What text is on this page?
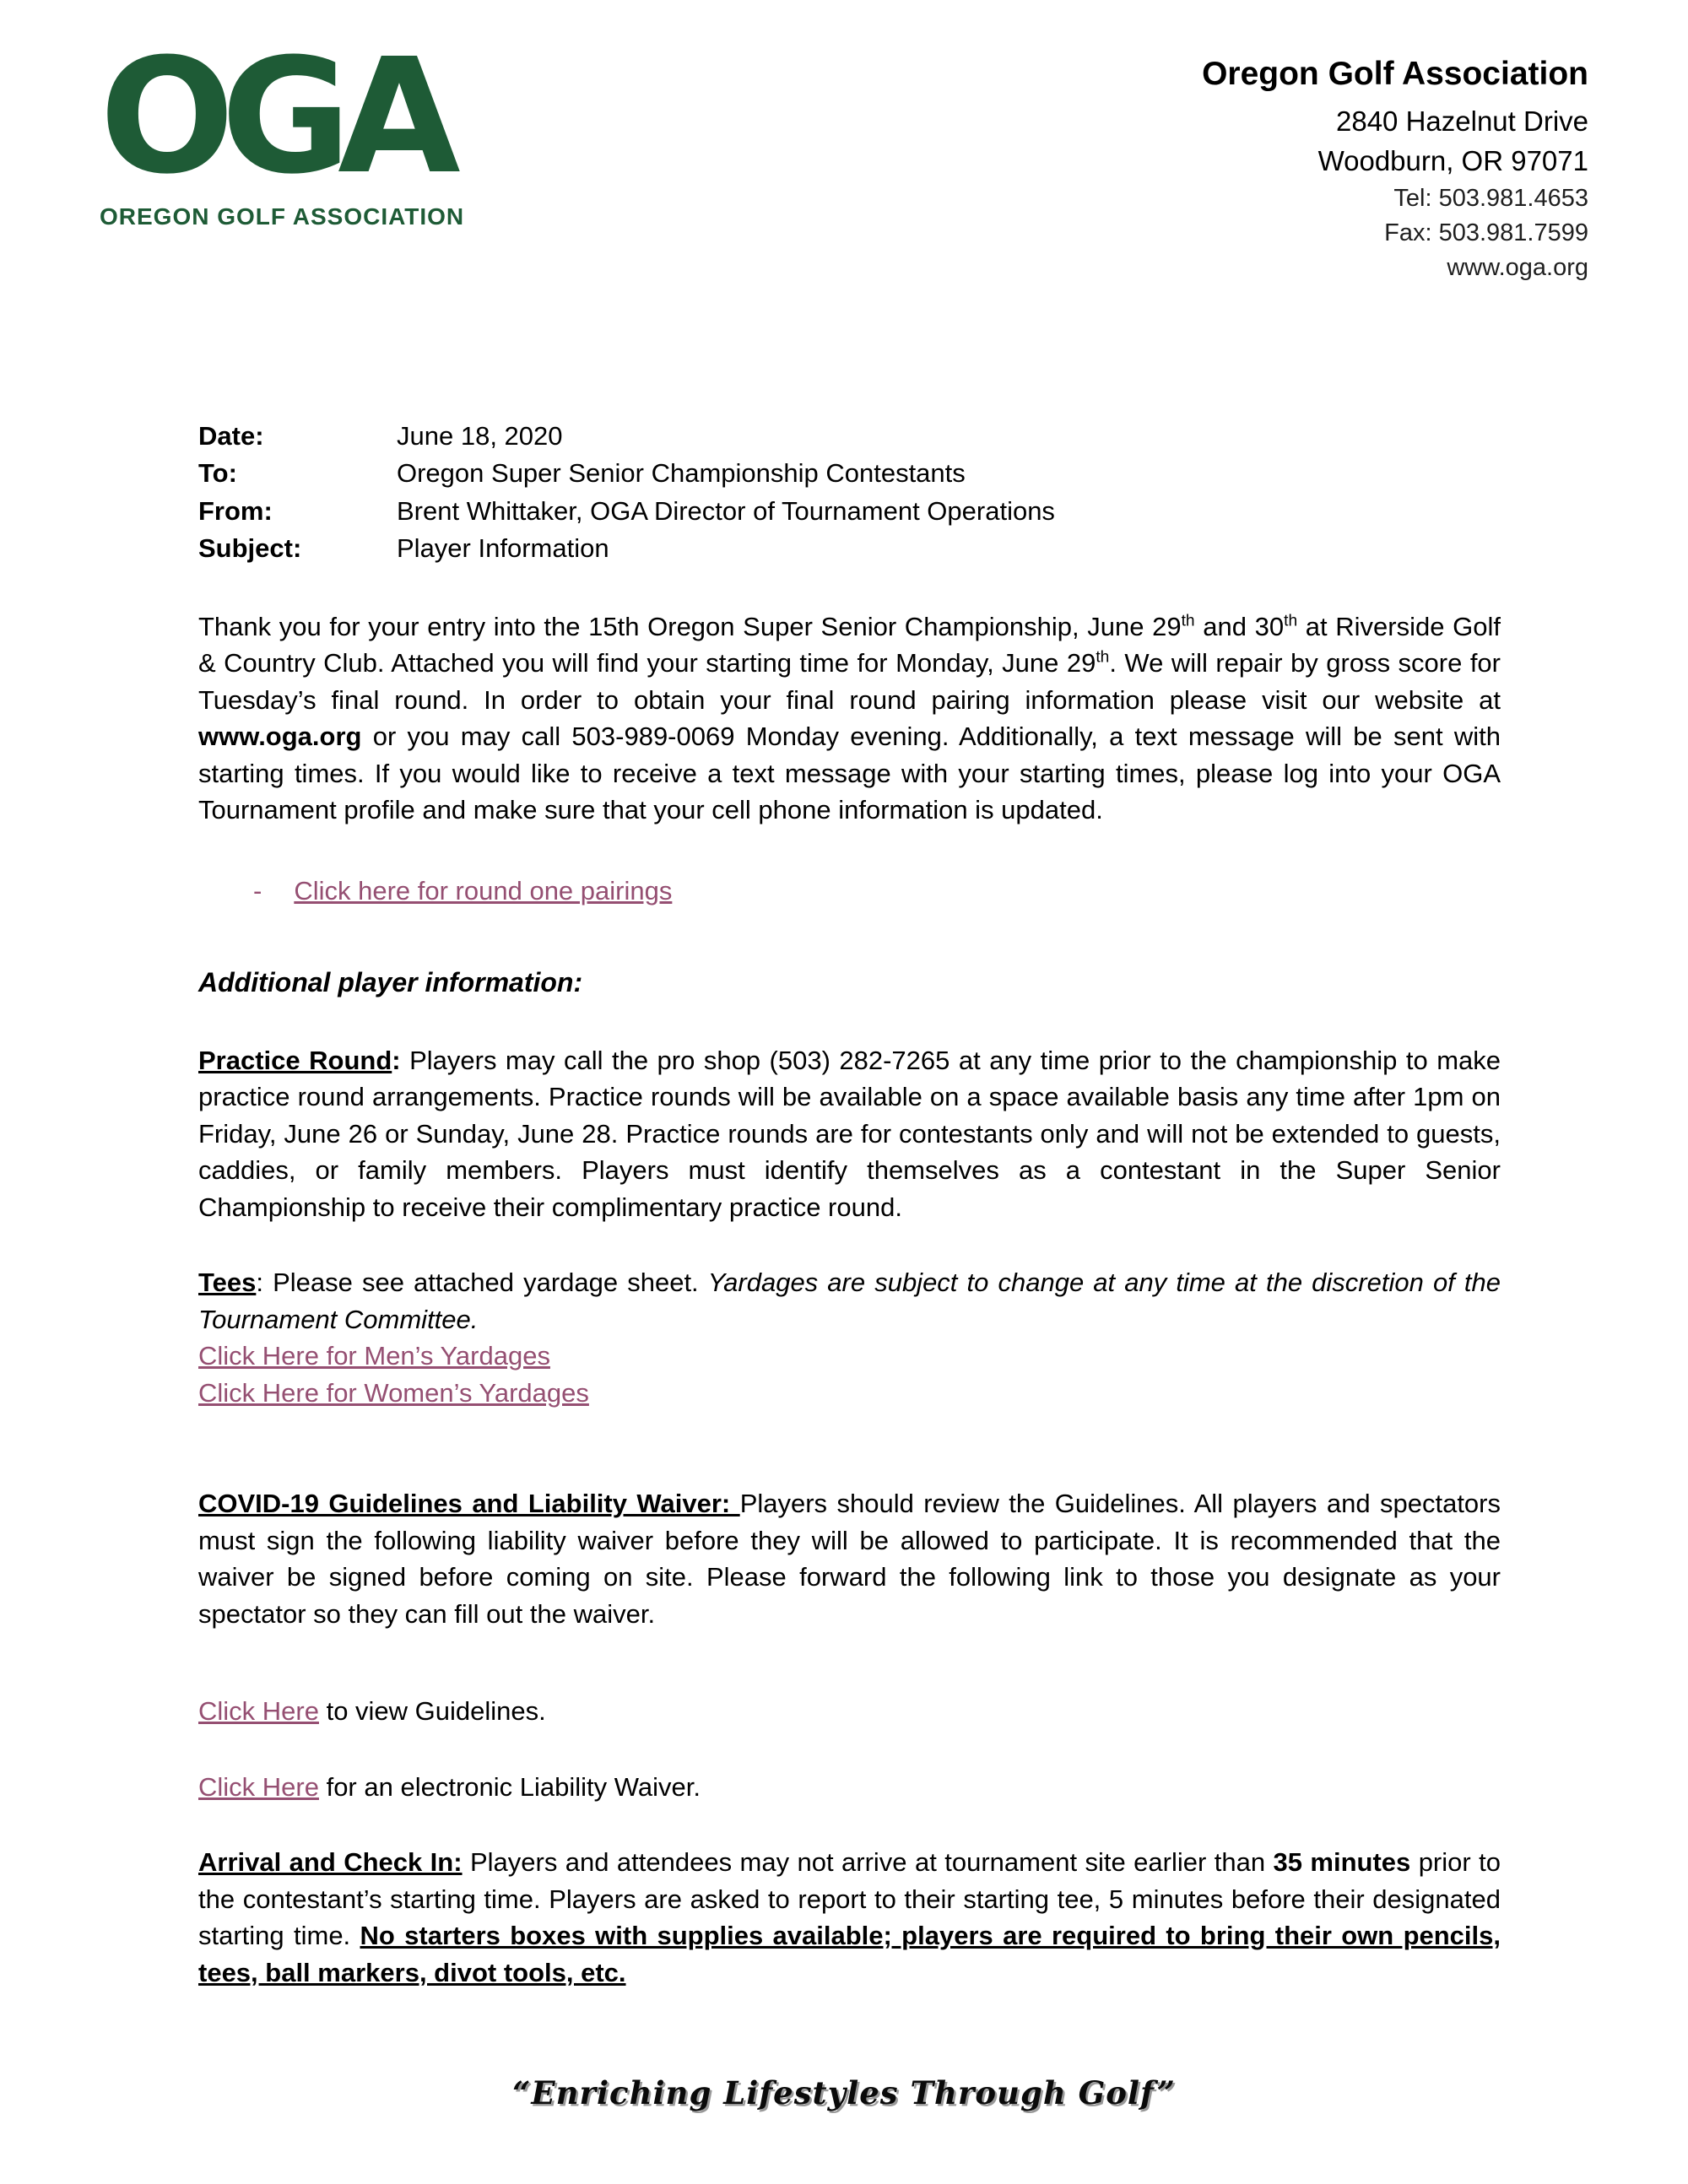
OGA
OREGON GOLF ASSOCIATION
Oregon Golf Association
2840 Hazelnut Drive
Woodburn, OR 97071
Tel: 503.981.4653
Fax: 503.981.7599
www.oga.org
Date:	June 18, 2020
To:	Oregon Super Senior Championship Contestants
From:	Brent Whittaker, OGA Director of Tournament Operations
Subject:	Player Information
Thank you for your entry into the 15th Oregon Super Senior Championship, June 29th and 30th at Riverside Golf & Country Club. Attached you will find your starting time for Monday, June 29th. We will repair by gross score for Tuesday’s final round. In order to obtain your final round pairing information please visit our website at www.oga.org or you may call 503-989-0069 Monday evening. Additionally, a text message will be sent with starting times. If you would like to receive a text message with your starting times, please log into your OGA Tournament profile and make sure that your cell phone information is updated.
- Click here for round one pairings
Additional player information:
Practice Round: Players may call the pro shop (503) 282-7265 at any time prior to the championship to make practice round arrangements. Practice rounds will be available on a space available basis any time after 1pm on Friday, June 26 or Sunday, June 28. Practice rounds are for contestants only and will not be extended to guests, caddies, or family members. Players must identify themselves as a contestant in the Super Senior Championship to receive their complimentary practice round.
Tees: Please see attached yardage sheet. Yardages are subject to change at any time at the discretion of the Tournament Committee.
Click Here for Men’s Yardages
Click Here for Women’s Yardages
COVID-19 Guidelines and Liability Waiver: Players should review the Guidelines. All players and spectators must sign the following liability waiver before they will be allowed to participate. It is recommended that the waiver be signed before coming on site. Please forward the following link to those you designate as your spectator so they can fill out the waiver.
Click Here to view Guidelines.
Click Here for an electronic Liability Waiver.
Arrival and Check In: Players and attendees may not arrive at tournament site earlier than 35 minutes prior to the contestant’s starting time. Players are asked to report to their starting tee, 5 minutes before their designated starting time. No starters boxes with supplies available; players are required to bring their own pencils, tees, ball markers, divot tools, etc.
“Enriching Lifestyles Through Golf”
